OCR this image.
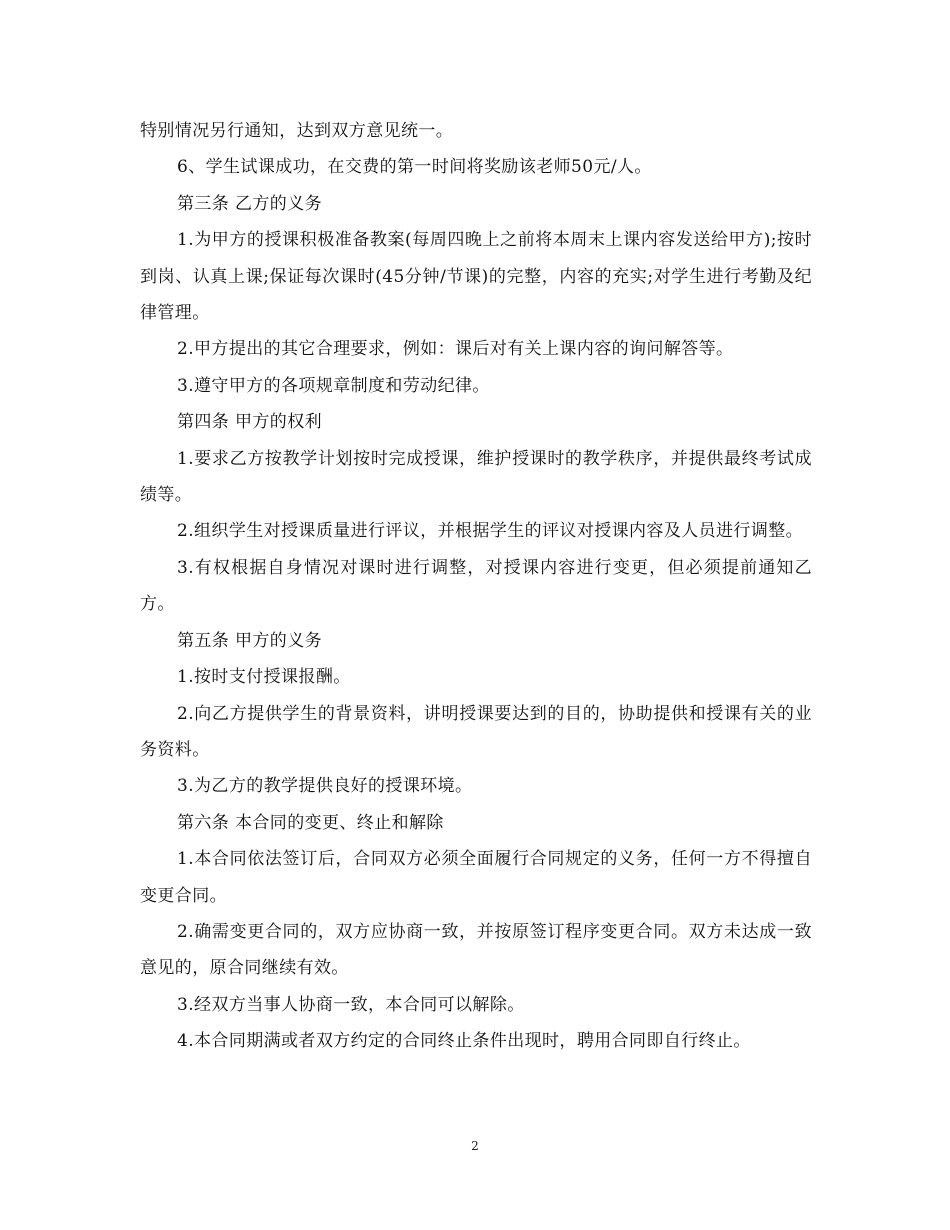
特别情况另行通知，达到双方意见统一。

6、学生试课成功，在交费的第一时间将奖励该老师50元/人。

第三条 乙方的义务

1.为甲方的授课积极准备教案(每周四晚上之前将本周末上课内容发送给甲方);按时到岗、认真上课;保证每次课时(45分钟/节课)的完整，内容的充实;对学生进行考勤及纪律管理。

2.甲方提出的其它合理要求，例如：课后对有关上课内容的询问解答等。

3.遵守甲方的各项规章制度和劳动纪律。

第四条 甲方的权利

1.要求乙方按教学计划按时完成授课，维护授课时的教学秩序，并提供最终考试成绩等。

2.组织学生对授课质量进行评议，并根据学生的评议对授课内容及人员进行调整。

3.有权根据自身情况对课时进行调整，对授课内容进行变更，但必须提前通知乙方。

第五条 甲方的义务

1.按时支付授课报酬。

2.向乙方提供学生的背景资料，讲明授课要达到的目的，协助提供和授课有关的业务资料。

3.为乙方的教学提供良好的授课环境。

第六条 本合同的变更、终止和解除

1.本合同依法签订后，合同双方必须全面履行合同规定的义务，任何一方不得擅自变更合同。

2.确需变更合同的，双方应协商一致，并按原签订程序变更合同。双方未达成一致意见的，原合同继续有效。

3.经双方当事人协商一致，本合同可以解除。

4.本合同期满或者双方约定的合同终止条件出现时，聘用合同即自行终止。

2
